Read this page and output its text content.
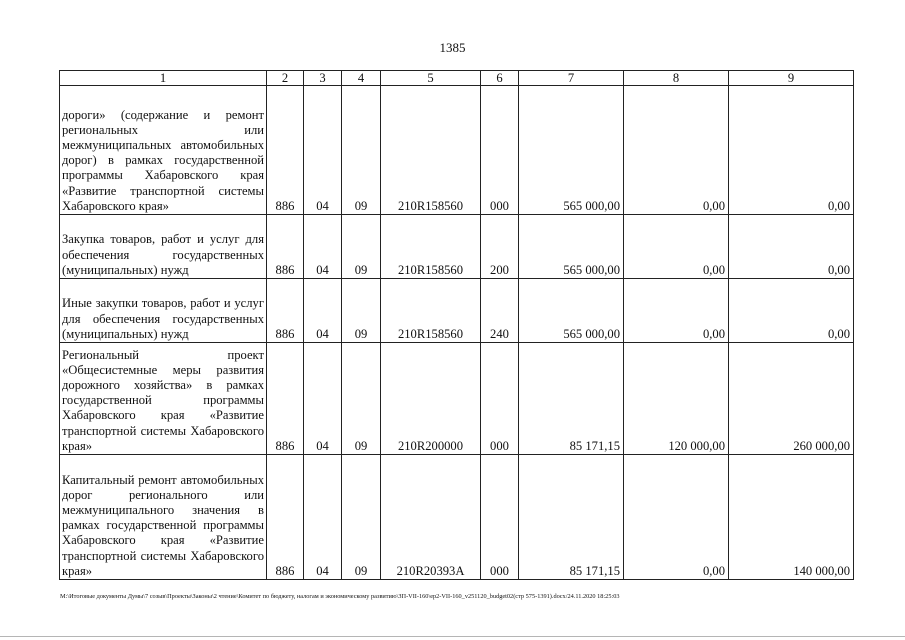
1385
1	2	3	4	5	6	7	8	9
дороги» (содержание и ремонт региональных или межмуниципальных автомобильных дорог) в рамках государственной программы Хабаровского края «Развитие транспортной системы Хабаровского края»	886	04	09	210R158560	000	565 000,00	0,00	0,00
Закупка товаров, работ и услуг для обеспечения государственных (муниципальных) нужд	886	04	09	210R158560	200	565 000,00	0,00	0,00
Иные закупки товаров, работ и услуг для обеспечения государственных (муниципальных) нужд	886	04	09	210R158560	240	565 000,00	0,00	0,00
Региональный проект «Общесистемные меры развития дорожного хозяйства» в рамках государственной программы Хабаровского края «Развитие транспортной системы Хабаровского края»	886	04	09	210R200000	000	85 171,15	120 000,00	260 000,00
Капитальный ремонт автомобильных дорог регионального или межмуниципального значения в рамках государственной программы Хабаровского края «Развитие транспортной системы Хабаровского края»	886	04	09	210R20393A	000	85 171,15	0,00	140 000,00
M:\Итоговые документы Думы\7 созыв\Проекты\Законы\2 чтение\Комитет по бюджету, налогам и экономическому развитию\ЗП-VII-160\ep2-VII-160_v251120_budget02(стр 575-1391).docx/24.11.2020 18:25:03
